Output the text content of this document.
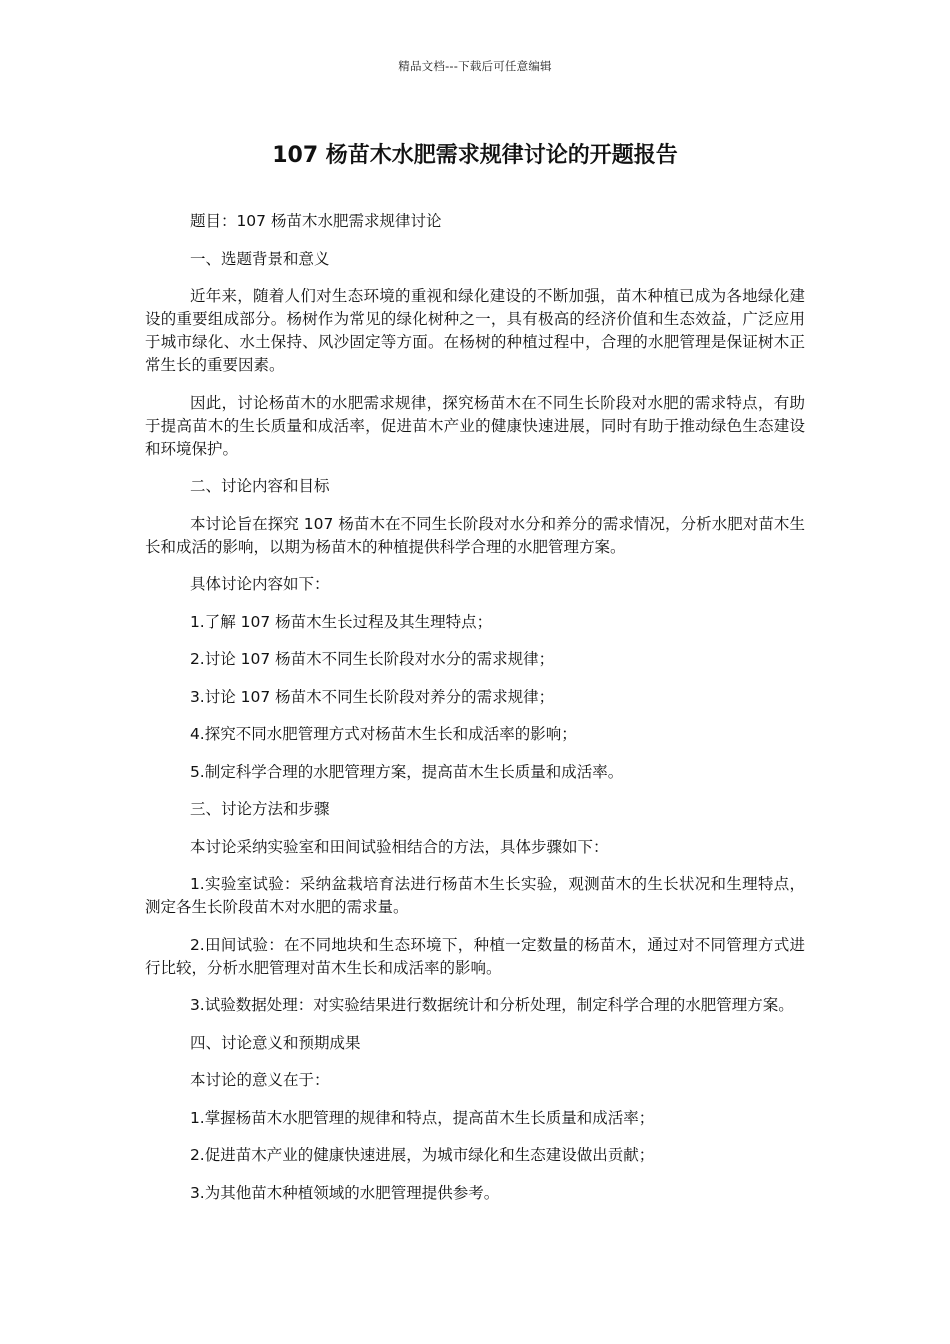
精品文档---下载后可任意编辑
107 杨苗木水肥需求规律讨论的开题报告

题目：107 杨苗木水肥需求规律讨论

一、选题背景和意义

近年来，随着人们对生态环境的重视和绿化建设的不断加强，苗木种植已成为各地绿化建设的重要组成部分。杨树作为常见的绿化树种之一，具有极高的经济价值和生态效益，广泛应用于城市绿化、水土保持、风沙固定等方面。在杨树的种植过程中，合理的水肥管理是保证树木正常生长的重要因素。

因此，讨论杨苗木的水肥需求规律，探究杨苗木在不同生长阶段对水肥的需求特点，有助于提高苗木的生长质量和成活率，促进苗木产业的健康快速进展，同时有助于推动绿色生态建设和环境保护。

二、讨论内容和目标

本讨论旨在探究 107 杨苗木在不同生长阶段对水分和养分的需求情况，分析水肥对苗木生长和成活的影响，以期为杨苗木的种植提供科学合理的水肥管理方案。

具体讨论内容如下：

1.了解 107 杨苗木生长过程及其生理特点；

2.讨论 107 杨苗木不同生长阶段对水分的需求规律；

3.讨论 107 杨苗木不同生长阶段对养分的需求规律；

4.探究不同水肥管理方式对杨苗木生长和成活率的影响；

5.制定科学合理的水肥管理方案，提高苗木生长质量和成活率。

三、讨论方法和步骤

本讨论采纳实验室和田间试验相结合的方法，具体步骤如下：

1.实验室试验：采纳盆栽培育法进行杨苗木生长实验，观测苗木的生长状况和生理特点，测定各生长阶段苗木对水肥的需求量。

2.田间试验：在不同地块和生态环境下，种植一定数量的杨苗木，通过对不同管理方式进行比较，分析水肥管理对苗木生长和成活率的影响。

3.试验数据处理：对实验结果进行数据统计和分析处理，制定科学合理的水肥管理方案。

四、讨论意义和预期成果

本讨论的意义在于：

1.掌握杨苗木水肥管理的规律和特点，提高苗木生长质量和成活率；

2.促进苗木产业的健康快速进展，为城市绿化和生态建设做出贡献；

3.为其他苗木种植领域的水肥管理提供参考。
